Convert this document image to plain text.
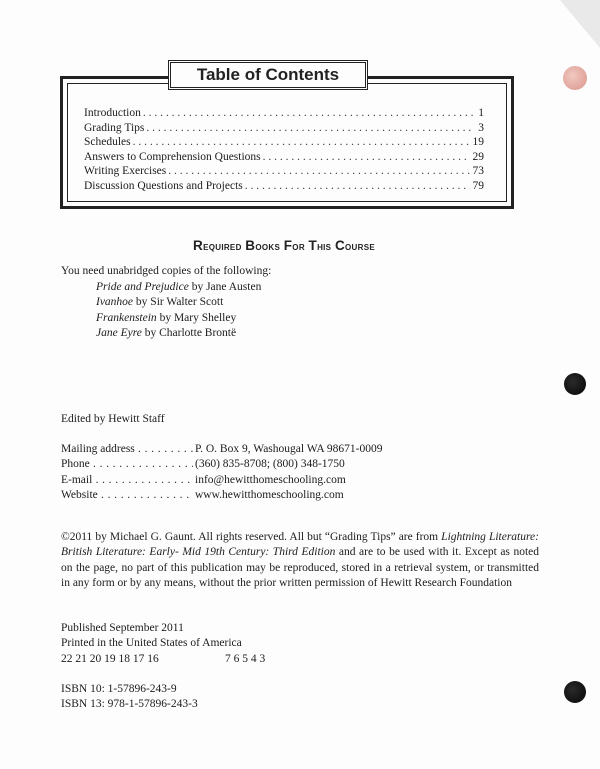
Table of Contents
Introduction . . .	1
Grading Tips . . .	3
Schedules . . .	19
Answers to Comprehension Questions . . .	29
Writing Exercises . . .	73
Discussion Questions and Projects . . .	79
Required Books For This Course
You need unabridged copies of the following:
Pride and Prejudice by Jane Austen
Ivanhoe by Sir Walter Scott
Frankenstein by Mary Shelley
Jane Eyre by Charlotte Brontë
Edited by Hewitt Staff
Mailing address . . .	P. O. Box 9, Washougal WA 98671-0009
Phone . . .	(360) 835-8708; (800) 348-1750
E-mail . . .	info@hewitthomeschooling.com
Website . . .	www.hewitthomeschooling.com
©2011 by Michael G. Gaunt. All rights reserved. All but “Grading Tips” are from Lightning Literature: British Literature: Early- Mid 19th Century: Third Edition and are to be used with it. Except as noted on the page, no part of this publication may be reproduced, stored in a retrieval system, or transmitted in any form or by any means, without the prior written permission of Hewitt Research Foundation
Published September 2011
Printed in the United States of America
22 21 20 19 18 17 16	7 6 5 4 3
ISBN 10: 1-57896-243-9
ISBN 13: 978-1-57896-243-3
